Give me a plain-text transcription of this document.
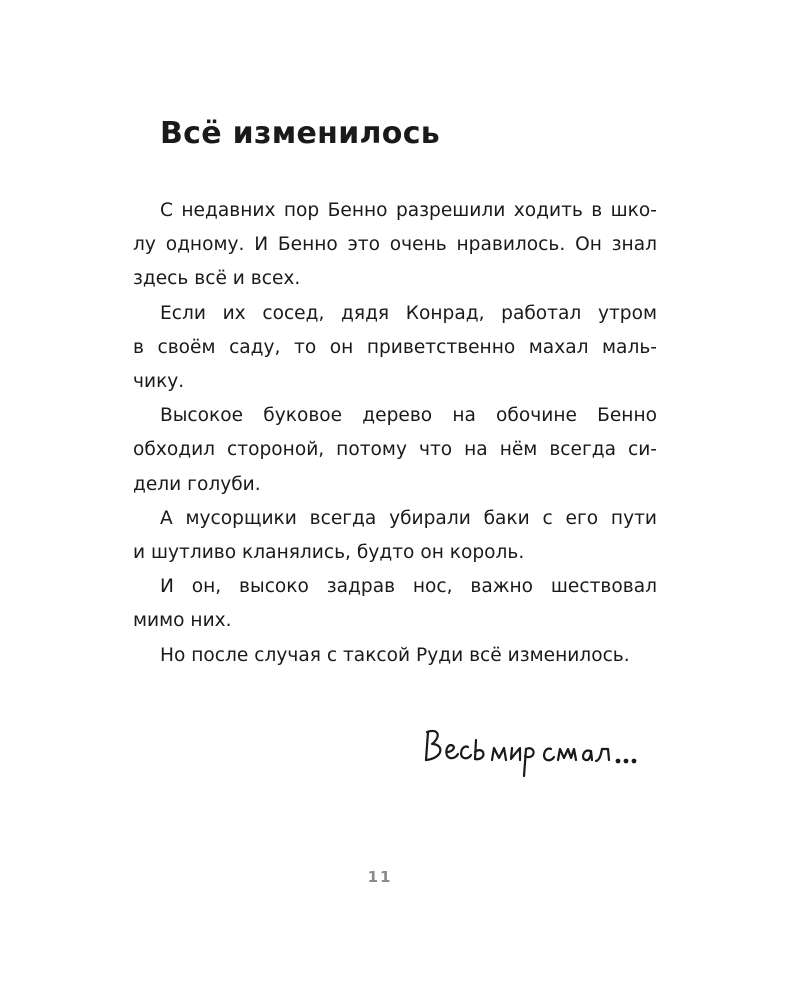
Всё изменилось

С недавних пор Бенно разрешили ходить в шко-
лу одному. И Бенно это очень нравилось. Он знал
здесь всё и всех.

Если их сосед, дядя Конрад, работал утром
в своём саду, то он приветственно махал маль-
чику.

Высокое буковое дерево на обочине Бенно
обходил стороной, потому что на нём всегда си-
дели голуби.

А мусорщики всегда убирали баки с его пути
и шутливо кланялись, будто он король.

И он, высоко задрав нос, важно шествовал
мимо них.

Но после случая с таксой Руди всё изменилось.

11
